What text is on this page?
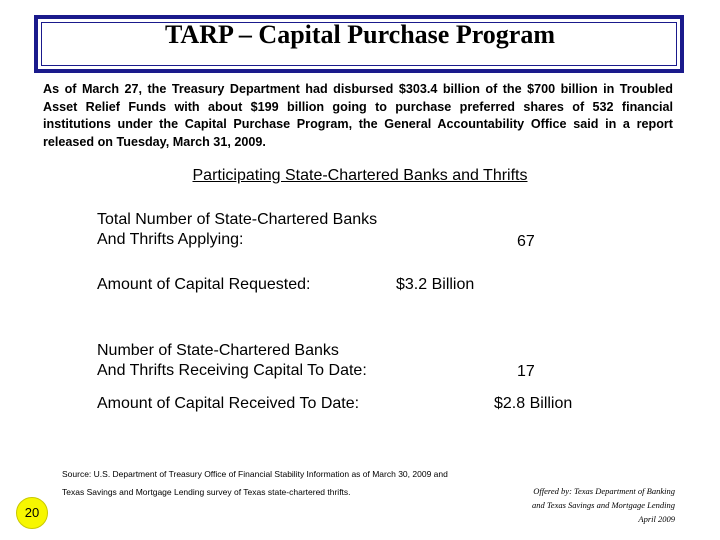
TARP – Capital Purchase Program
As of March 27, the Treasury Department had disbursed $303.4 billion of the $700 billion in Troubled Asset Relief Funds with about $199 billion going to purchase preferred shares of 532 financial institutions under the Capital Purchase Program, the General Accountability Office said in a report released on Tuesday, March 31, 2009.
Participating State-Chartered Banks and Thrifts
Total Number of State-Chartered Banks
And Thrifts Applying:	67
Amount of Capital Requested:	$3.2 Billion
Number of State-Chartered Banks
And Thrifts Receiving Capital To Date:	17
Amount of Capital Received To Date:	$2.8 Billion
Source: U.S. Department of Treasury Office of Financial Stability Information as of March 30, 2009 and
Texas Savings and Mortgage Lending survey of Texas state-chartered thrifts.
20
Offered by: Texas Department of Banking
and Texas Savings and Mortgage Lending
April 2009
